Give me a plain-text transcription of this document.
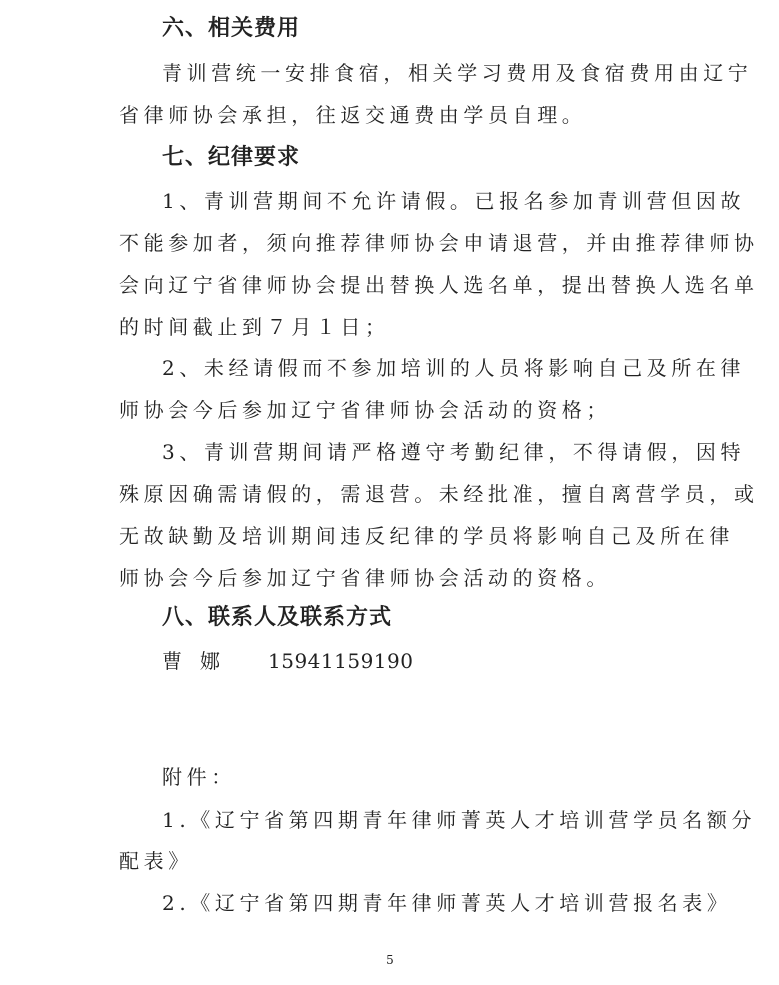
六、相关费用
青训营统一安排食宿，相关学习费用及食宿费用由辽宁
省律师协会承担，往返交通费由学员自理。
七、纪律要求
1、青训营期间不允许请假。已报名参加青训营但因故
不能参加者，须向推荐律师协会申请退营，并由推荐律师协
会向辽宁省律师协会提出替换人选名单，提出替换人选名单
的时间截止到７月１日；
2、未经请假而不参加培训的人员将影响自己及所在律
师协会今后参加辽宁省律师协会活动的资格；
3、青训营期间请严格遵守考勤纪律，不得请假，因特
殊原因确需请假的，需退营。未经批准，擅自离营学员，或
无故缺勤及培训期间违反纪律的学员将影响自己及所在律
师协会今后参加辽宁省律师协会活动的资格。
八、联系人及联系方式
曹娜 15941159190
附件：
1.《辽宁省第四期青年律师菁英人才培训营学员名额分
配表》
2.《辽宁省第四期青年律师菁英人才培训营报名表》
5
